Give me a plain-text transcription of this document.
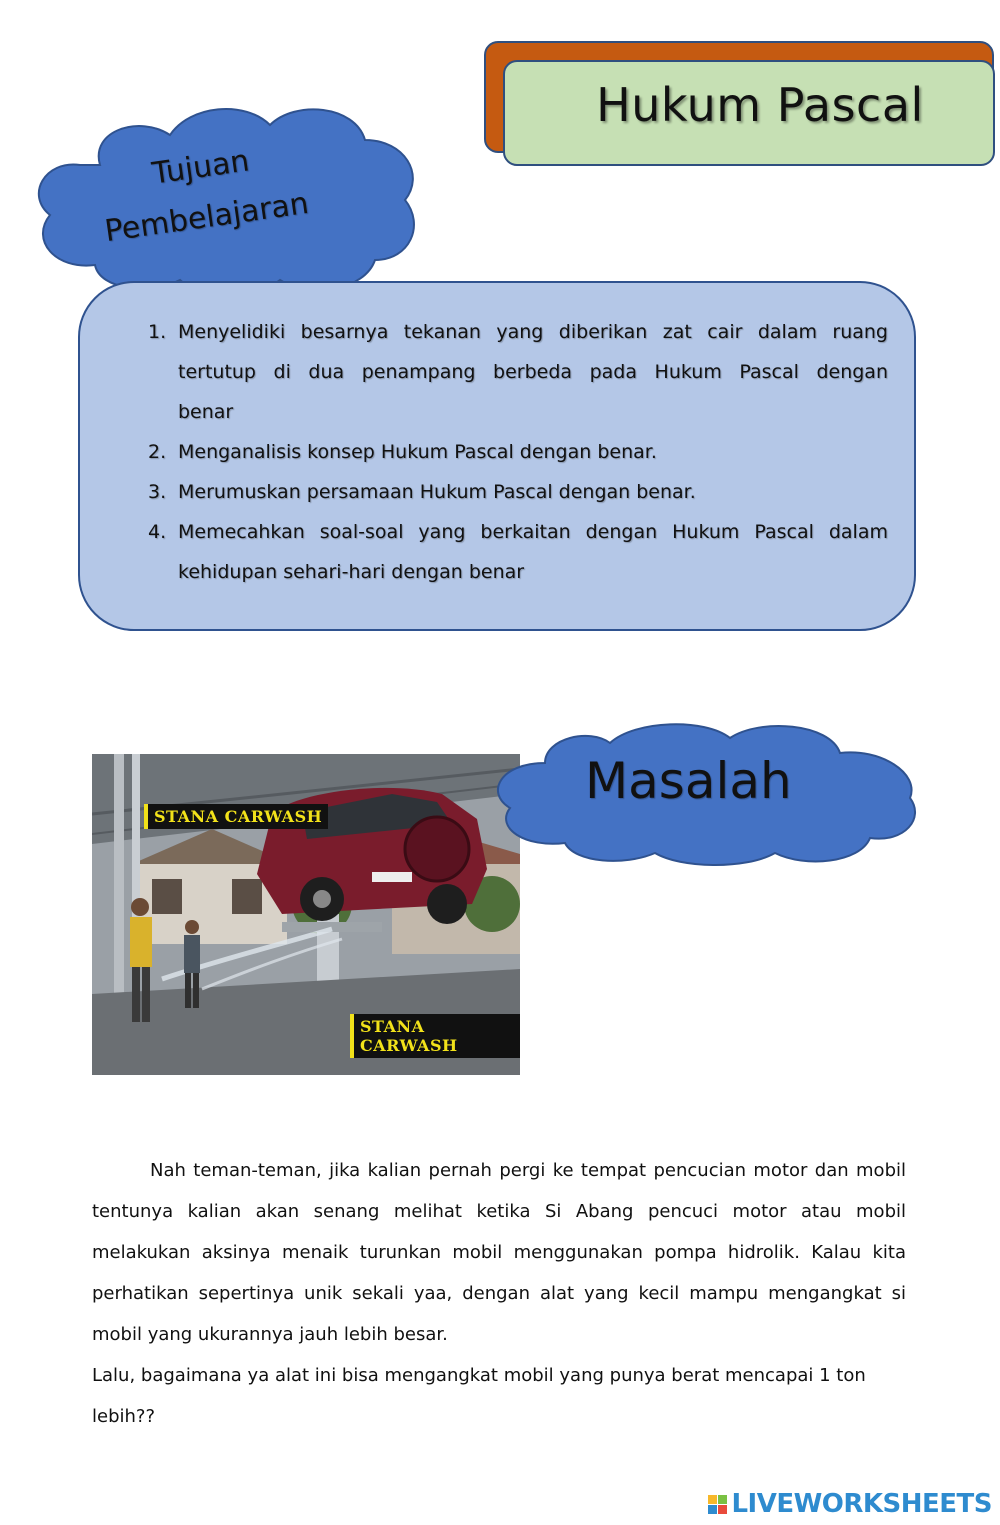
Hukum Pascal
Tujuan
Pembelajaran
1. Menyelidiki besarnya tekanan yang diberikan zat cair dalam ruang
tertutup di dua penampang berbeda pada Hukum Pascal dengan
benar
2. Menganalisis konsep Hukum Pascal dengan benar.
3. Merumuskan persamaan Hukum Pascal dengan benar.
4. Memecahkan soal-soal yang berkaitan dengan Hukum Pascal dalam
kehidupan sehari-hari dengan benar
STANA CARWASH
STANA CARWASH
Masalah

Nah teman-teman, jika kalian pernah pergi ke tempat pencucian motor dan mobil tentunya kalian akan senang melihat ketika Si Abang pencuci motor atau mobil melakukan aksinya menaik turunkan mobil menggunakan pompa hidrolik. Kalau kita perhatikan sepertinya unik sekali yaa, dengan alat yang kecil mampu mengangkat si mobil yang ukurannya jauh lebih besar.

Lalu, bagaimana ya alat ini bisa mengangkat mobil yang punya berat mencapai 1 ton lebih??

LIVEWORKSHEETS
